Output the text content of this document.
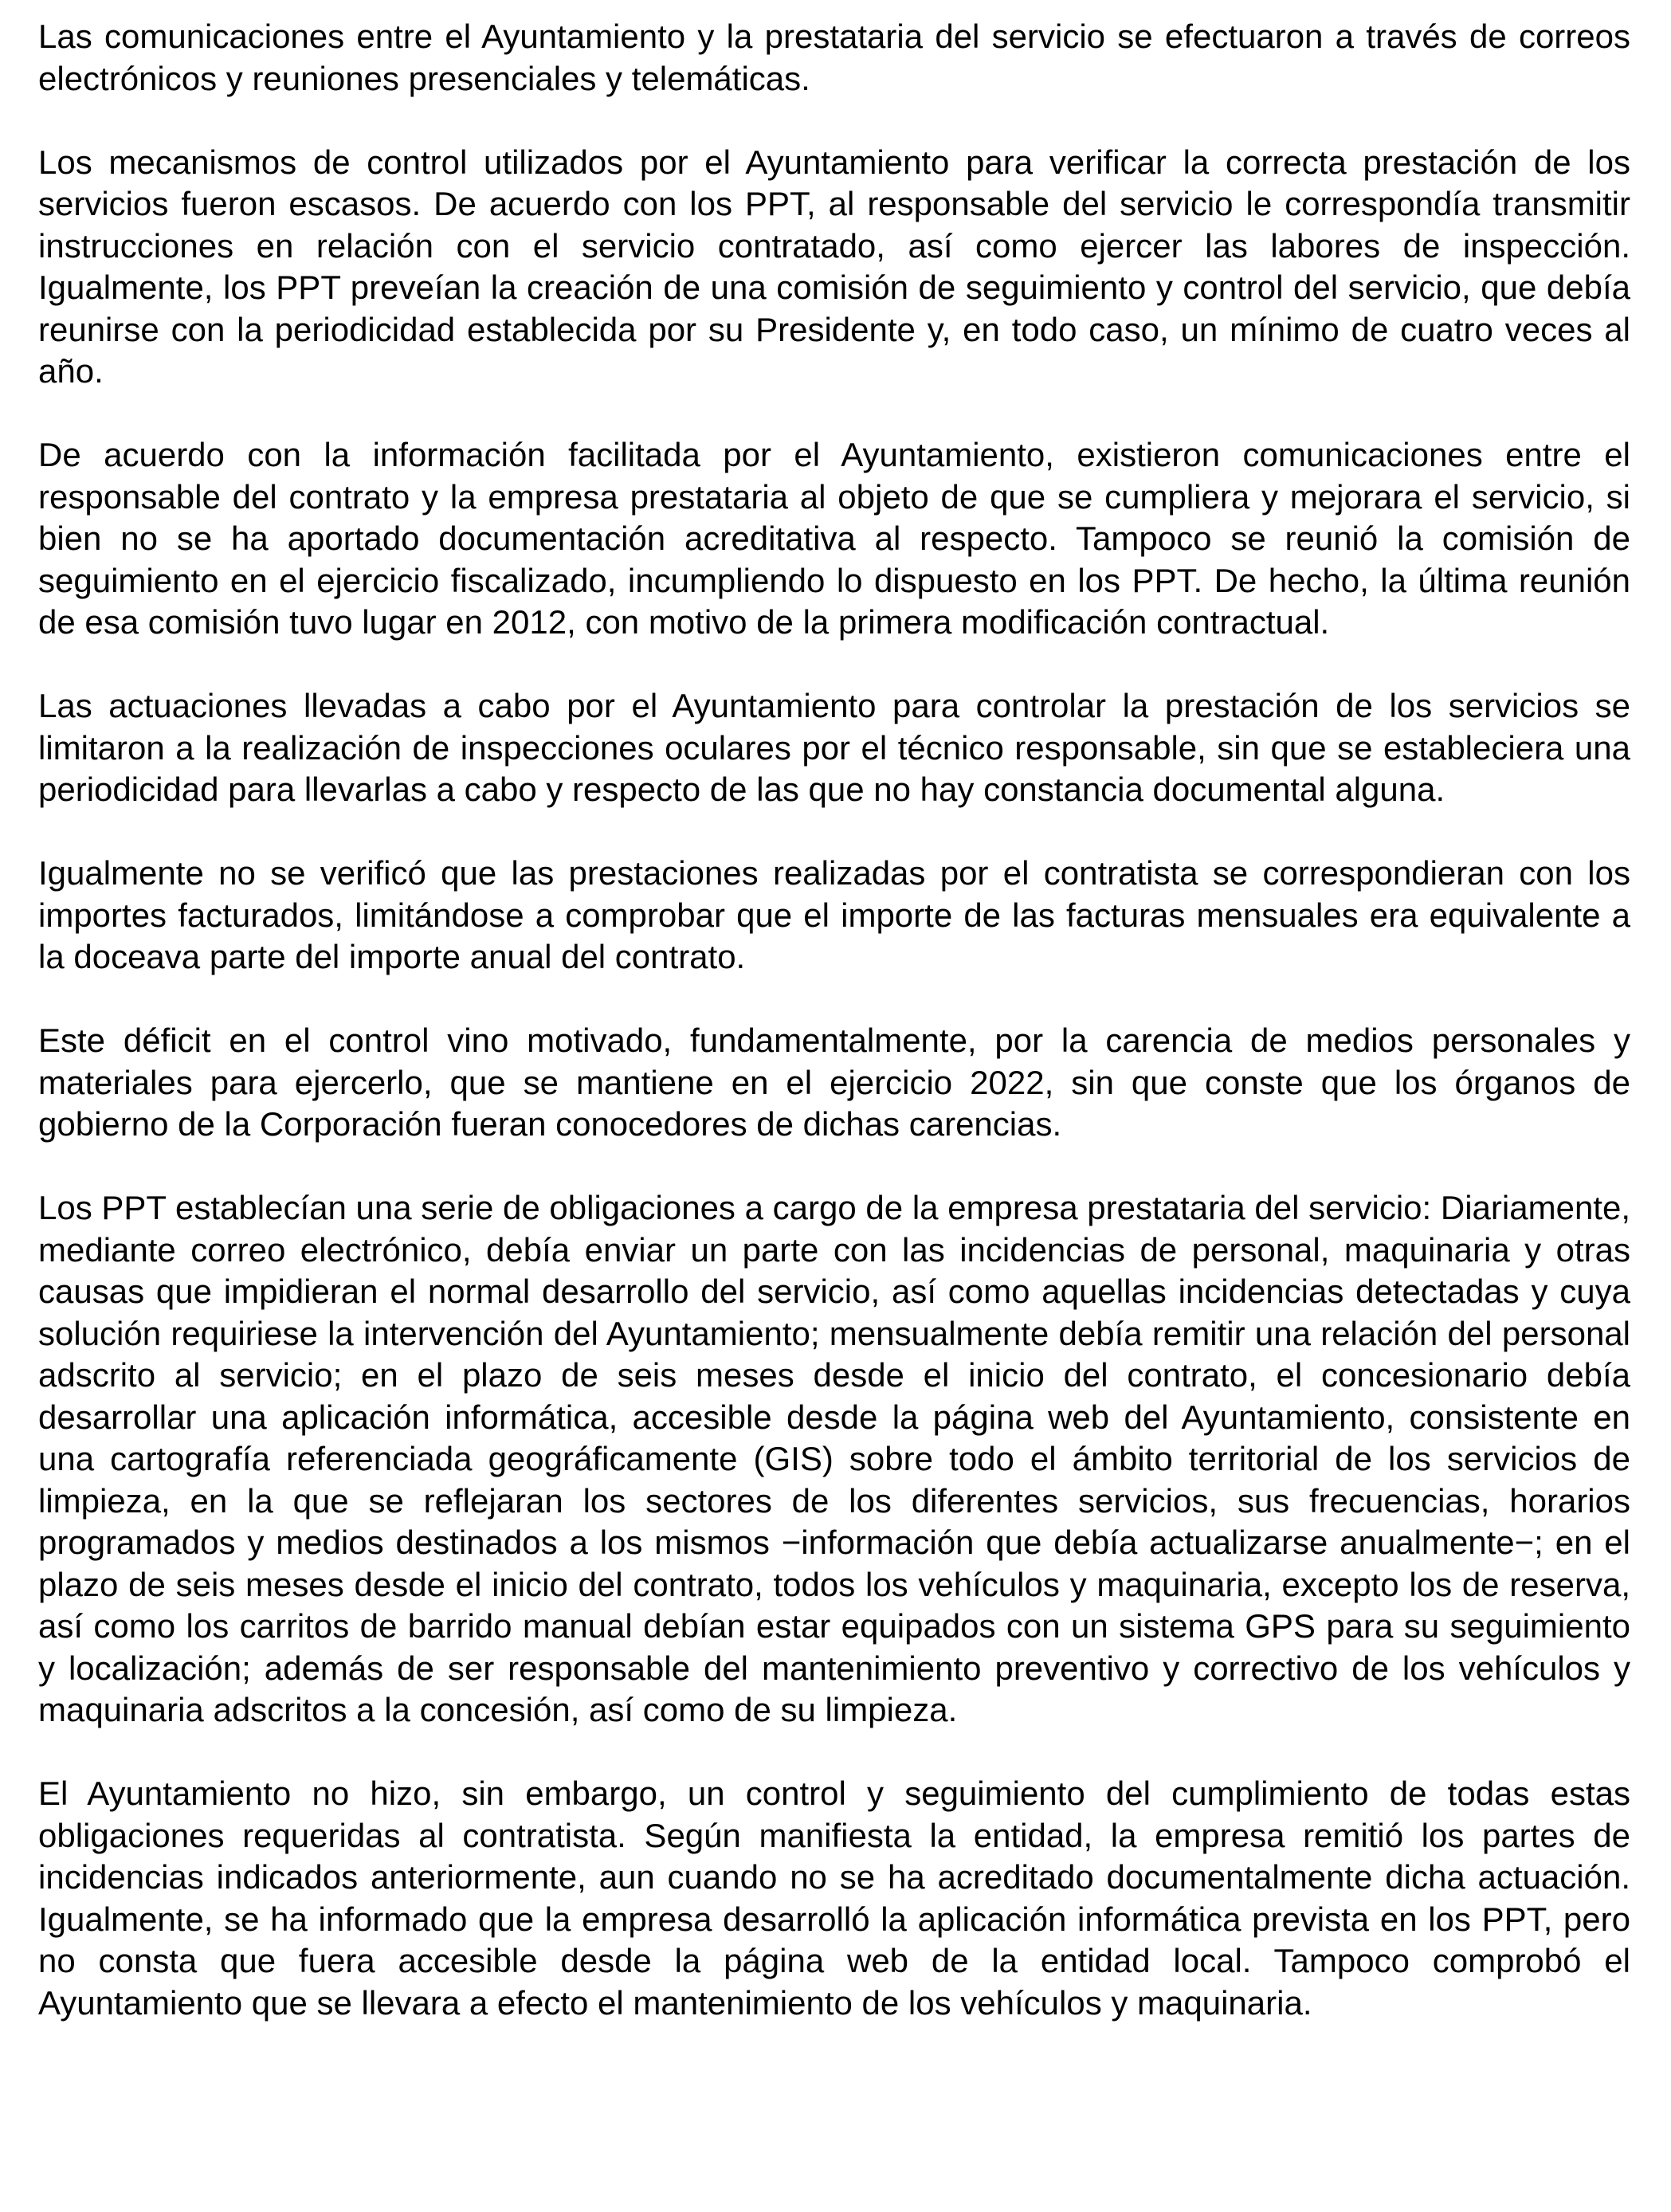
Las comunicaciones entre el Ayuntamiento y la prestataria del servicio se efectuaron a través de correos electrónicos y reuniones presenciales y telemáticas.

Los mecanismos de control utilizados por el Ayuntamiento para verificar la correcta prestación de los servicios fueron escasos. De acuerdo con los PPT, al responsable del servicio le correspondía transmitir instrucciones en relación con el servicio contratado, así como ejercer las labores de inspección. Igualmente, los PPT preveían la creación de una comisión de seguimiento y control del servicio, que debía reunirse con la periodicidad establecida por su Presidente y, en todo caso, un mínimo de cuatro veces al año.

De acuerdo con la información facilitada por el Ayuntamiento, existieron comunicaciones entre el responsable del contrato y la empresa prestataria al objeto de que se cumpliera y mejorara el servicio, si bien no se ha aportado documentación acreditativa al respecto. Tampoco se reunió la comisión de seguimiento en el ejercicio fiscalizado, incumpliendo lo dispuesto en los PPT. De hecho, la última reunión de esa comisión tuvo lugar en 2012, con motivo de la primera modificación contractual.

Las actuaciones llevadas a cabo por el Ayuntamiento para controlar la prestación de los servicios se limitaron a la realización de inspecciones oculares por el técnico responsable, sin que se estableciera una periodicidad para llevarlas a cabo y respecto de las que no hay constancia documental alguna.

Igualmente no se verificó que las prestaciones realizadas por el contratista se correspondieran con los importes facturados, limitándose a comprobar que el importe de las facturas mensuales era equivalente a la doceava parte del importe anual del contrato.

Este déficit en el control vino motivado, fundamentalmente, por la carencia de medios personales y materiales para ejercerlo, que se mantiene en el ejercicio 2022, sin que conste que los órganos de gobierno de la Corporación fueran conocedores de dichas carencias.

Los PPT establecían una serie de obligaciones a cargo de la empresa prestataria del servicio: Diariamente, mediante correo electrónico, debía enviar un parte con las incidencias de personal, maquinaria y otras causas que impidieran el normal desarrollo del servicio, así como aquellas incidencias detectadas y cuya solución requiriese la intervención del Ayuntamiento; mensualmente debía remitir una relación del personal adscrito al servicio; en el plazo de seis meses desde el inicio del contrato, el concesionario debía desarrollar una aplicación informática, accesible desde la página web del Ayuntamiento, consistente en una cartografía referenciada geográficamente (GIS) sobre todo el ámbito territorial de los servicios de limpieza, en la que se reflejaran los sectores de los diferentes servicios, sus frecuencias, horarios programados y medios destinados a los mismos −información que debía actualizarse anualmente−; en el plazo de seis meses desde el inicio del contrato, todos los vehículos y maquinaria, excepto los de reserva, así como los carritos de barrido manual debían estar equipados con un sistema GPS para su seguimiento y localización; además de ser responsable del mantenimiento preventivo y correctivo de los vehículos y maquinaria adscritos a la concesión, así como de su limpieza.

El Ayuntamiento no hizo, sin embargo, un control y seguimiento del cumplimiento de todas estas obligaciones requeridas al contratista. Según manifiesta la entidad, la empresa remitió los partes de incidencias indicados anteriormente, aun cuando no se ha acreditado documentalmente dicha actuación. Igualmente, se ha informado que la empresa desarrolló la aplicación informática prevista en los PPT, pero no consta que fuera accesible desde la página web de la entidad local. Tampoco comprobó el Ayuntamiento que se llevara a efecto el mantenimiento de los vehículos y maquinaria.
